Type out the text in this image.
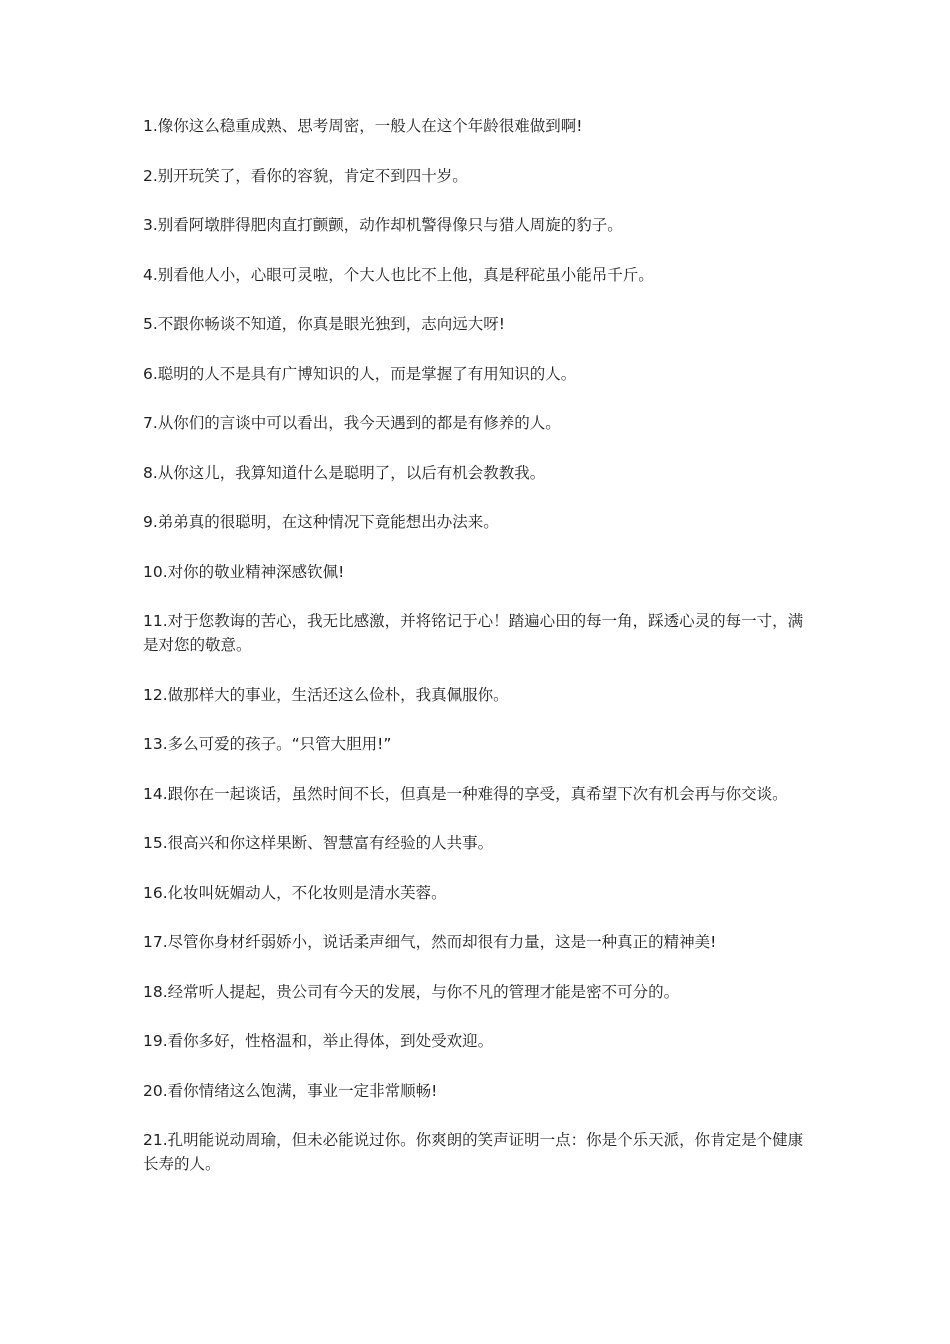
1.像你这么稳重成熟、思考周密，一般人在这个年龄很难做到啊!

2.别开玩笑了，看你的容貌，肯定不到四十岁。

3.别看阿墩胖得肥肉直打颤颤，动作却机警得像只与猎人周旋的豹子。

4.别看他人小，心眼可灵啦，个大人也比不上他，真是秤砣虽小能吊千斤。

5.不跟你畅谈不知道，你真是眼光独到，志向远大呀!

6.聪明的人不是具有广博知识的人，而是掌握了有用知识的人。

7.从你们的言谈中可以看出，我今天遇到的都是有修养的人。

8.从你这儿，我算知道什么是聪明了，以后有机会教教我。

9.弟弟真的很聪明，在这种情况下竟能想出办法来。

10.对你的敬业精神深感钦佩!

11.对于您教诲的苦心，我无比感激，并将铭记于心！踏遍心田的每一角，踩透心灵的每一寸，满是对您的敬意。

12.做那样大的事业，生活还这么俭朴，我真佩服你。

13.多么可爱的孩子。“只管大胆用!”

14.跟你在一起谈话，虽然时间不长，但真是一种难得的享受，真希望下次有机会再与你交谈。

15.很高兴和你这样果断、智慧富有经验的人共事。

16.化妆叫妩媚动人，不化妆则是清水芙蓉。

17.尽管你身材纤弱娇小，说话柔声细气，然而却很有力量，这是一种真正的精神美!

18.经常听人提起，贵公司有今天的发展，与你不凡的管理才能是密不可分的。

19.看你多好，性格温和，举止得体，到处受欢迎。

20.看你情绪这么饱满，事业一定非常顺畅!

21.孔明能说动周瑜，但未必能说过你。你爽朗的笑声证明一点：你是个乐天派，你肯定是个健康长寿的人。
